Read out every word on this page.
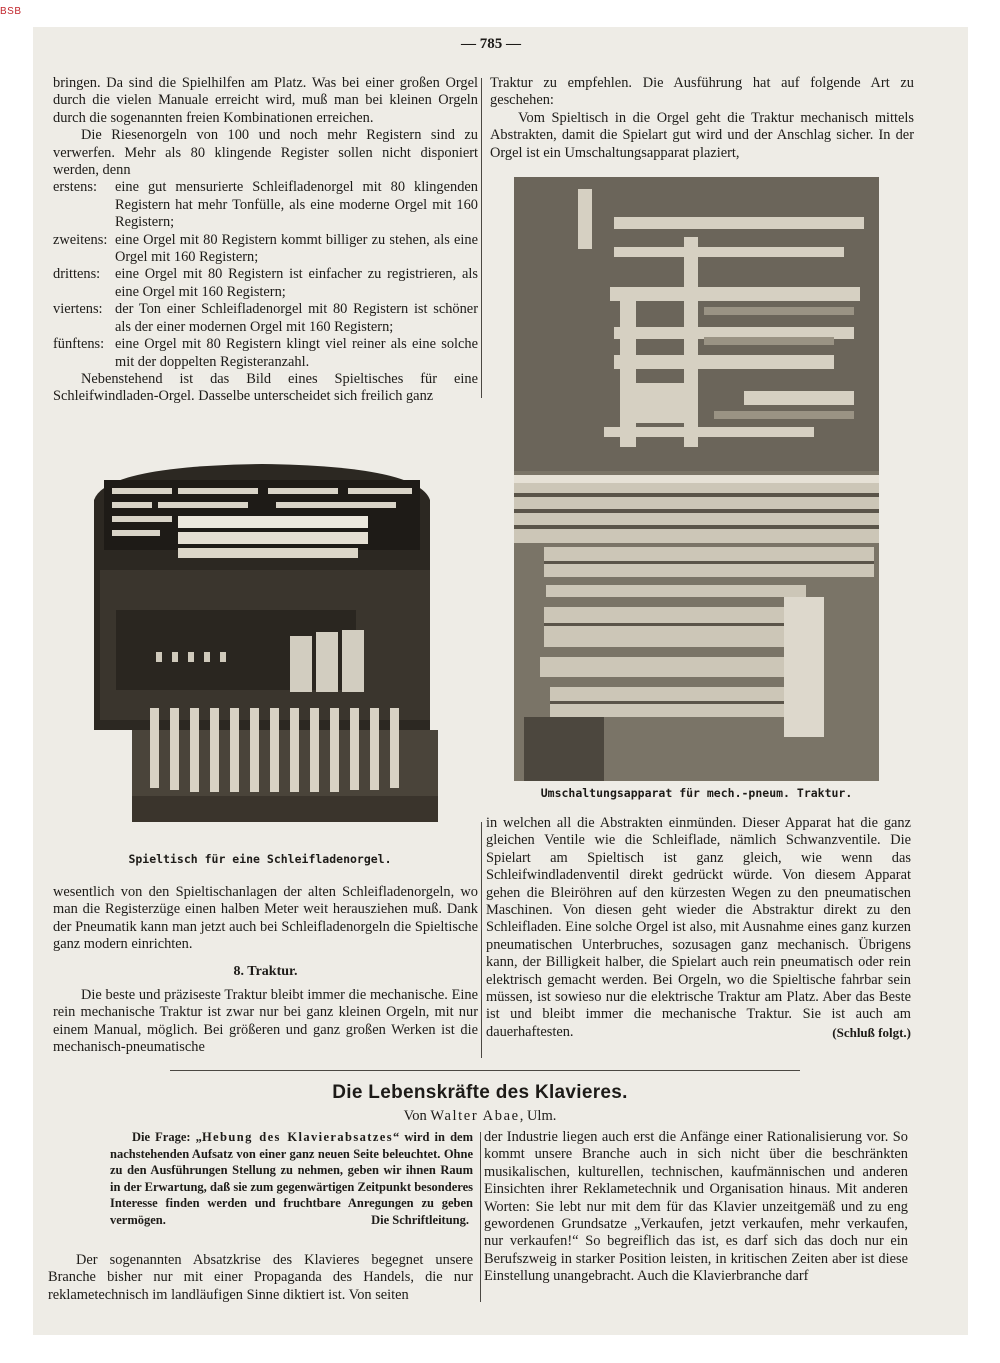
BSB
— 785 —

bringen. Da sind die Spielhilfen am Platz. Was bei einer großen Orgel durch die vielen Manuale erreicht wird, muß man bei kleinen Orgeln durch die sogenannten freien Kombinationen erreichen.

Die Riesenorgeln von 100 und noch mehr Registern sind zu verwerfen. Mehr als 80 klingende Register sollen nicht disponiert werden, denn

erstens:	eine gut mensurierte Schleifladenorgel mit 80 klingenden Registern hat mehr Tonfülle, als eine moderne Orgel mit 160 Registern;
zweitens: eine Orgel mit 80 Registern kommt billiger zu stehen, als eine Orgel mit 160 Registern;
drittens:	eine Orgel mit 80 Registern ist einfacher zu registrieren, als eine Orgel mit 160 Registern;
viertens: der Ton einer Schleifladenorgel mit 80 Registern ist schöner als der einer modernen Orgel mit 160 Registern;
fünftens: eine Orgel mit 80 Registern klingt viel reiner als eine solche mit der doppelten Registeranzahl.

Nebenstehend ist das Bild eines Spieltisches für eine Schleifwindladen-Orgel. Dasselbe unterscheidet sich freilich ganz

Spieltisch für eine Schleifladenorgel.

wesentlich von den Spieltischanlagen der alten Schleifladenorgeln, wo man die Registerzüge einen halben Meter weit herausziehen muß. Dank der Pneumatik kann man jetzt auch bei Schleifladenorgeln die Spieltische ganz modern einrichten.

8. Traktur.

Die beste und präziseste Traktur bleibt immer die mechanische. Eine rein mechanische Traktur ist zwar nur bei ganz kleinen Orgeln, mit nur einem Manual, möglich. Bei größeren und ganz großen Werken ist die mechanisch-pneumatische

Traktur zu empfehlen. Die Ausführung hat auf folgende Art zu geschehen:

Vom Spieltisch in die Orgel geht die Traktur mechanisch mittels Abstrakten, damit die Spielart gut wird und der Anschlag sicher. In der Orgel ist ein Umschaltungsapparat plaziert,

Umschaltungsapparat für mech.-pneum. Traktur.

in welchen all die Abstrakten einmünden. Dieser Apparat hat die ganz gleichen Ventile wie die Schleiflade, nämlich Schwanzventile. Die Spielart am Spieltisch ist ganz gleich, wie wenn das Schleifwindladenventil direkt gedrückt würde. Von diesem Apparat gehen die Bleiröhren auf den kürzesten Wegen zu den pneumatischen Maschinen. Von diesen geht wieder die Abstraktur direkt zu den Schleifladen. Eine solche Orgel ist also, mit Ausnahme eines ganz kurzen pneumatischen Unterbruches, sozusagen ganz mechanisch. Übrigens kann, der Billigkeit halber, die Spielart auch rein pneumatisch oder rein elektrisch gemacht werden. Bei Orgeln, wo die Spieltische fahrbar sein müssen, ist sowieso nur die elektrische Traktur am Platz. Aber das Beste ist und bleibt immer die mechanische Traktur. Sie ist auch am dauerhaftesten.	(Schluß folgt.)

Die Lebenskräfte des Klavieres.
Von Walter Abae, Ulm.
Die Frage: „Hebung des Klavierabsatzes“ wird in dem nachstehenden Aufsatz von einer ganz neuen Seite beleuchtet. Ohne zu den Ausführungen Stellung zu nehmen, geben wir ihnen Raum in der Erwartung, daß sie zum gegenwärtigen Zeitpunkt besonderes Interesse finden werden und fruchtbare Anregungen zu geben vermögen.	Die Schriftleitung.

Der sogenannten Absatzkrise des Klavieres begegnet unsere Branche bisher nur mit einer Propaganda des Handels, die nur reklametechnisch im landläufigen Sinne diktiert ist. Von seiten

der Industrie liegen auch erst die Anfänge einer Rationalisierung vor. So kommt unsere Branche auch in sich nicht über die beschränkten musikalischen, kulturellen, technischen, kaufmännischen und anderen Einsichten ihrer Reklametechnik und Organisation hinaus. Mit anderen Worten: Sie lebt nur mit dem für das Klavier unzeitgemäß und zu eng gewordenen Grundsatze „Verkaufen, jetzt verkaufen, mehr verkaufen, nur verkaufen!“ So begreiflich das ist, es darf sich das doch nur ein Berufszweig in starker Position leisten, in kritischen Zeiten aber ist diese Einstellung unangebracht. Auch die Klavierbranche darf
